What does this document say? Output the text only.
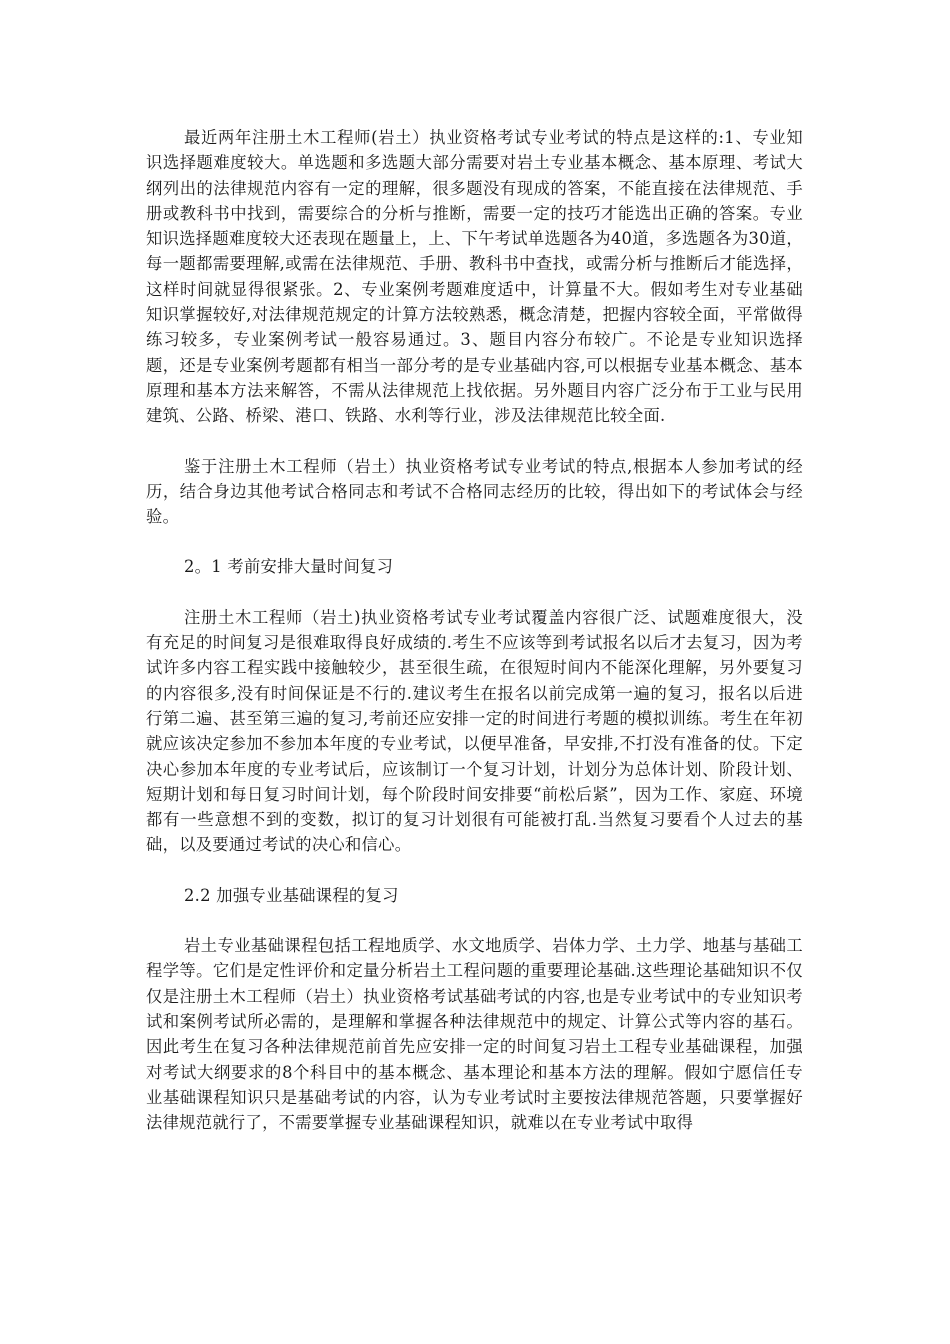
最近两年注册土木工程师(岩土）执业资格考试专业考试的特点是这样的:1、专业知识选择题难度较大。单选题和多选题大部分需要对岩土专业基本概念、基本原理、考试大纲列出的法律规范内容有一定的理解，很多题没有现成的答案，不能直接在法律规范、手册或教科书中找到，需要综合的分析与推断，需要一定的技巧才能选出正确的答案。专业知识选择题难度较大还表现在题量上，上、下午考试单选题各为40道，多选题各为30道，每一题都需要理解,或需在法律规范、手册、教科书中查找，或需分析与推断后才能选择，这样时间就显得很紧张。2、专业案例考题难度适中，计算量不大。假如考生对专业基础知识掌握较好,对法律规范规定的计算方法较熟悉，概念清楚，把握内容较全面，平常做得练习较多，专业案例考试一般容易通过。3、题目内容分布较广。不论是专业知识选择题，还是专业案例考题都有相当一部分考的是专业基础内容,可以根据专业基本概念、基本原理和基本方法来解答，不需从法律规范上找依据。另外题目内容广泛分布于工业与民用建筑、公路、桥梁、港口、铁路、水利等行业，涉及法律规范比较全面.

鉴于注册土木工程师（岩土）执业资格考试专业考试的特点,根据本人参加考试的经历，结合身边其他考试合格同志和考试不合格同志经历的比较，得出如下的考试体会与经验。

2。1 考前安排大量时间复习

注册土木工程师（岩土)执业资格考试专业考试覆盖内容很广泛、试题难度很大，没有充足的时间复习是很难取得良好成绩的.考生不应该等到考试报名以后才去复习，因为考试许多内容工程实践中接触较少，甚至很生疏，在很短时间内不能深化理解，另外要复习的内容很多,没有时间保证是不行的.建议考生在报名以前完成第一遍的复习，报名以后进行第二遍、甚至第三遍的复习,考前还应安排一定的时间进行考题的模拟训练。考生在年初就应该决定参加不参加本年度的专业考试，以便早准备，早安排,不打没有准备的仗。下定决心参加本年度的专业考试后，应该制订一个复习计划，计划分为总体计划、阶段计划、短期计划和每日复习时间计划，每个阶段时间安排要“前松后紧”，因为工作、家庭、环境都有一些意想不到的变数，拟订的复习计划很有可能被打乱.当然复习要看个人过去的基础，以及要通过考试的决心和信心。

2.2 加强专业基础课程的复习

岩土专业基础课程包括工程地质学、水文地质学、岩体力学、土力学、地基与基础工程学等。它们是定性评价和定量分析岩土工程问题的重要理论基础.这些理论基础知识不仅仅是注册土木工程师（岩土）执业资格考试基础考试的内容,也是专业考试中的专业知识考试和案例考试所必需的，是理解和掌握各种法律规范中的规定、计算公式等内容的基石。因此考生在复习各种法律规范前首先应安排一定的时间复习岩土工程专业基础课程，加强对考试大纲要求的8个科目中的基本概念、基本理论和基本方法的理解。假如宁愿信任专业基础课程知识只是基础考试的内容，认为专业考试时主要按法律规范答题，只要掌握好法律规范就行了，不需要掌握专业基础课程知识，就难以在专业考试中取得
